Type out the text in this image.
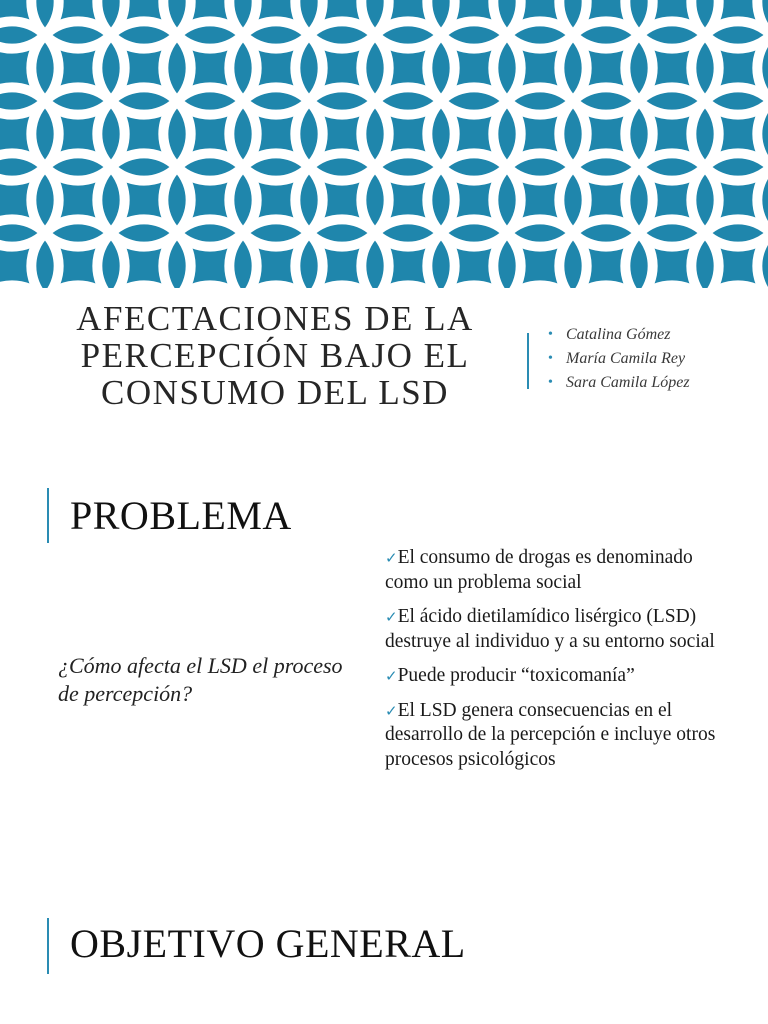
AFECTACIONES DE LA
PERCEPCIÓN BAJO EL
CONSUMO DEL LSD
• Catalina Gómez
• María Camila Rey
• Sara Camila López
PROBLEMA

¿Cómo afecta el LSD el proceso de percepción?

✓El consumo de drogas es denominado como un problema social
✓El ácido dietilamídico lisérgico (LSD) destruye al individuo y a su entorno social
✓Puede producir “toxicomanía”
✓El LSD genera consecuencias en el desarrollo de la percepción e incluye otros procesos psicológicos
OBJETIVO GENERAL
